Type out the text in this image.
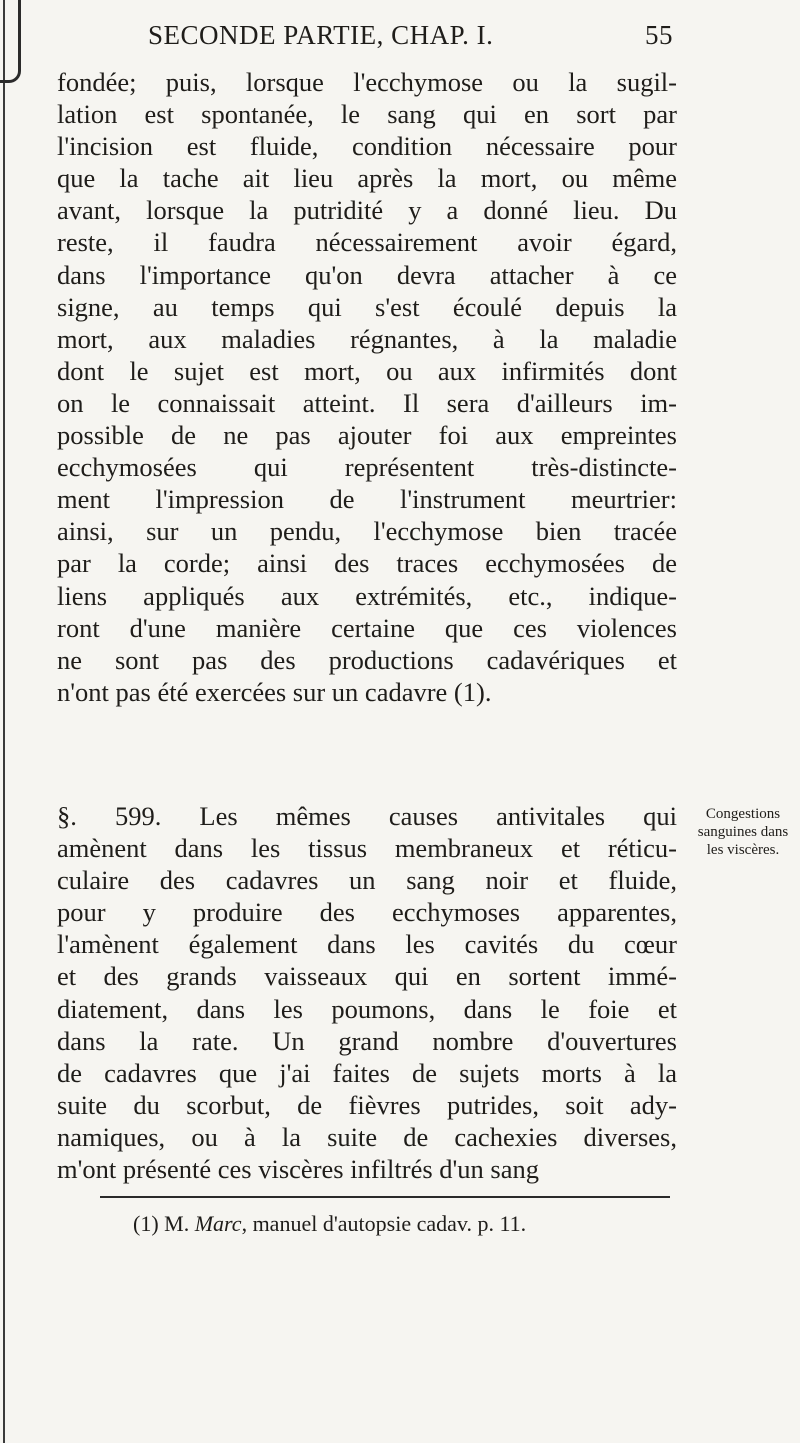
SECONDE PARTIE, CHAP. I.	55
fondée; puis, lorsque l'ecchymose ou la sugil-
lation est spontanée, le sang qui en sort par
l'incision est fluide, condition nécessaire pour
que la tache ait lieu après la mort, ou même
avant, lorsque la putridité y a donné lieu. Du
reste, il faudra nécessairement avoir égard,
dans l'importance qu'on devra attacher à ce
signe, au temps qui s'est écoulé depuis la
mort, aux maladies régnantes, à la maladie
dont le sujet est mort, ou aux infirmités dont
on le connaissait atteint. Il sera d'ailleurs im-
possible de ne pas ajouter foi aux empreintes
ecchymosées qui représentent très-distincte-
ment l'impression de l'instrument meurtrier:
ainsi, sur un pendu, l'ecchymose bien tracée
par la corde; ainsi des traces ecchymosées de
liens appliqués aux extrémités, etc., indique-
ront d'une manière certaine que ces violences
ne sont pas des productions cadavériques et
n'ont pas été exercées sur un cadavre (1).
§. 599. Les mêmes causes antivitales qui
amènent dans les tissus membraneux et réticu-
culaire des cadavres un sang noir et fluide,
pour y produire des ecchymoses apparentes,
l'amènent également dans les cavités du cœur
et des grands vaisseaux qui en sortent immé-
diatement, dans les poumons, dans le foie et
dans la rate. Un grand nombre d'ouvertures
de cadavres que j'ai faites de sujets morts à la
suite du scorbut, de fièvres putrides, soit ady-
namiques, ou à la suite de cachexies diverses,
m'ont présenté ces viscères infiltrés d'un sang
Congestions
sanguines dans
les viscères.
(1) M. Marc, manuel d'autopsie cadav. p. 11.
